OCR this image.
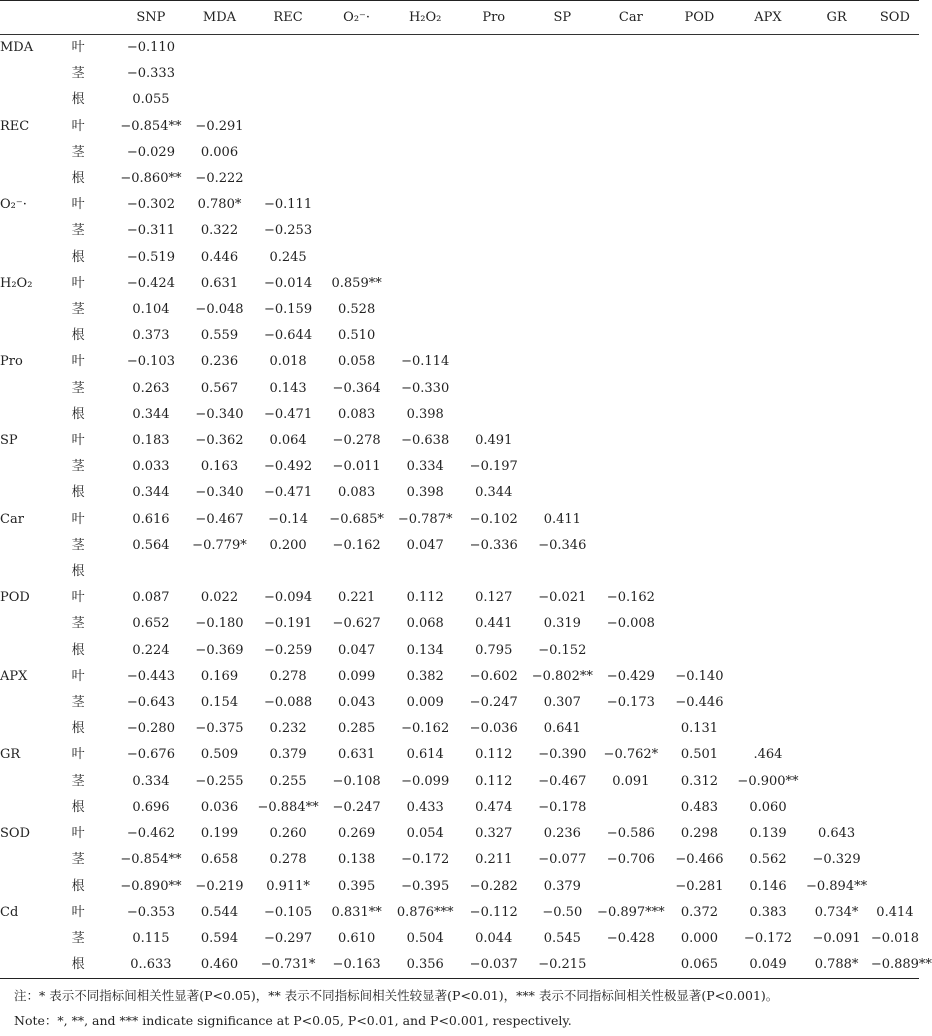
		SNP	MDA	REC	O₂⁻·	H₂O₂	Pro	SP	Car	POD	APX	GR	SOD
MDA	叶	−0.110											
	茎	−0.333											
	根	0.055											
REC	叶	−0.854**	−0.291										
	茎	−0.029	0.006										
	根	−0.860**	−0.222										
O₂⁻·	叶	−0.302	0.780*	−0.111									
	茎	−0.311	0.322	−0.253									
	根	−0.519	0.446	0.245									
H₂O₂	叶	−0.424	0.631	−0.014	0.859**								
	茎	0.104	−0.048	−0.159	0.528								
	根	0.373	0.559	−0.644	0.510								
Pro	叶	−0.103	0.236	0.018	0.058	−0.114							
	茎	0.263	0.567	0.143	−0.364	−0.330							
	根	0.344	−0.340	−0.471	0.083	0.398							
SP	叶	0.183	−0.362	0.064	−0.278	−0.638	0.491						
	茎	0.033	0.163	−0.492	−0.011	0.334	−0.197						
	根	0.344	−0.340	−0.471	0.083	0.398	0.344						
Car	叶	0.616	−0.467	−0.14	−0.685*	−0.787*	−0.102	0.411					
	茎	0.564	−0.779*	0.200	−0.162	0.047	−0.336	−0.346					
	根												
POD	叶	0.087	0.022	−0.094	0.221	0.112	0.127	−0.021	−0.162				
	茎	0.652	−0.180	−0.191	−0.627	0.068	0.441	0.319	−0.008				
	根	0.224	−0.369	−0.259	0.047	0.134	0.795	−0.152					
APX	叶	−0.443	0.169	0.278	0.099	0.382	−0.602	−0.802**	−0.429	−0.140			
	茎	−0.643	0.154	−0.088	0.043	0.009	−0.247	0.307	−0.173	−0.446			
	根	−0.280	−0.375	0.232	0.285	−0.162	−0.036	0.641		0.131			
GR	叶	−0.676	0.509	0.379	0.631	0.614	0.112	−0.390	−0.762*	0.501	.464		
	茎	0.334	−0.255	0.255	−0.108	−0.099	0.112	−0.467	0.091	0.312	−0.900**		
	根	0.696	0.036	−0.884**	−0.247	0.433	0.474	−0.178		0.483	0.060		
SOD	叶	−0.462	0.199	0.260	0.269	0.054	0.327	0.236	−0.586	0.298	0.139	0.643	
	茎	−0.854**	0.658	0.278	0.138	−0.172	0.211	−0.077	−0.706	−0.466	0.562	−0.329	
	根	−0.890**	−0.219	0.911*	0.395	−0.395	−0.282	0.379		−0.281	0.146	−0.894**	
Cd	叶	−0.353	0.544	−0.105	0.831**	0.876***	−0.112	−0.50	−0.897***	0.372	0.383	0.734*	0.414
	茎	0.115	0.594	−0.297	0.610	0.504	0.044	0.545	−0.428	0.000	−0.172	−0.091	−0.018
	根	0..633	0.460	−0.731*	−0.163	0.356	−0.037	−0.215		0.065	0.049	0.788*	−0.889**
注：* 表示不同指标间相关性显著(P<0.05)，** 表示不同指标间相关性较显著(P<0.01)，*** 表示不同指标间相关性极显著(P<0.001)。
Note：*, **, and *** indicate significance at P<0.05, P<0.01, and P<0.001, respectively.
